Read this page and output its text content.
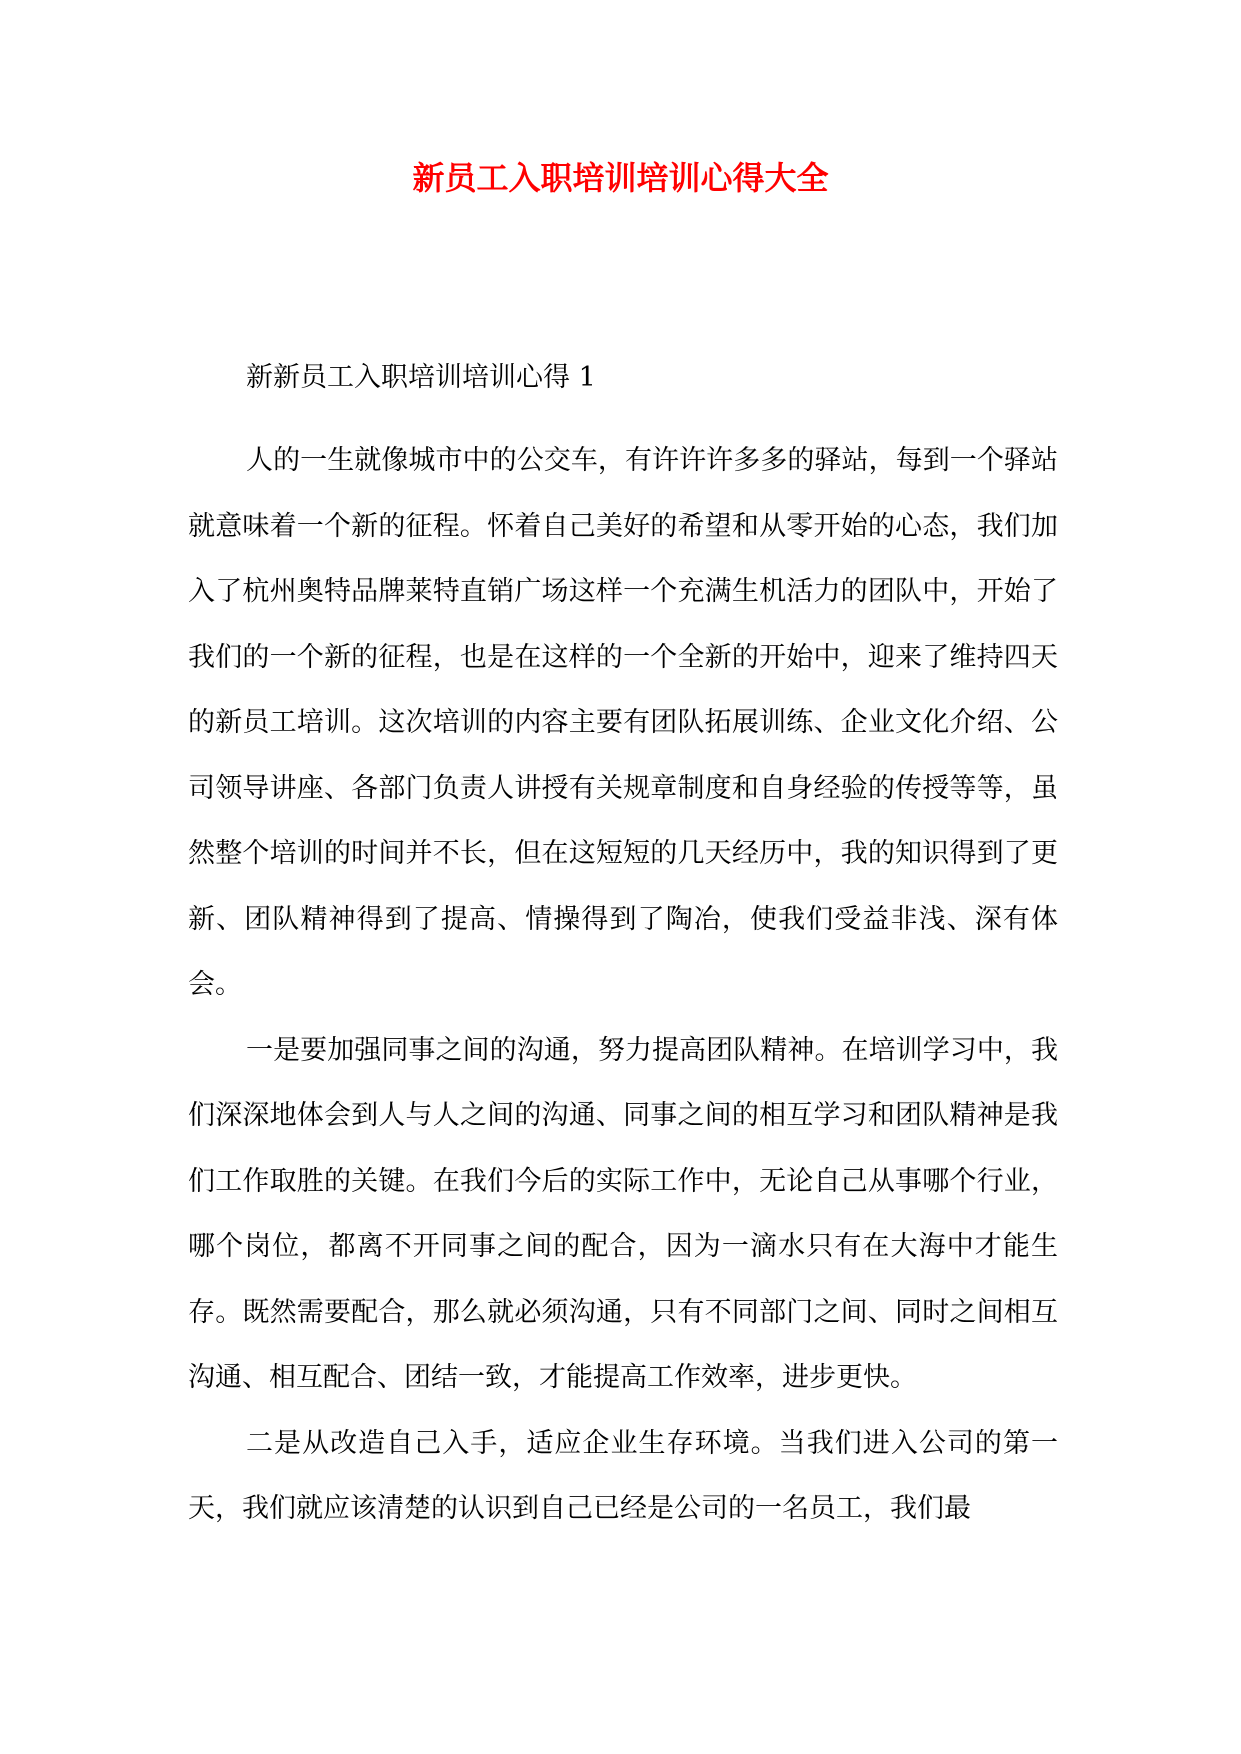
新员工入职培训培训心得大全

新新员工入职培训培训心得 1

人的一生就像城市中的公交车，有许许许多多的驿站，每到一个驿站就意味着一个新的征程。怀着自己美好的希望和从零开始的心态，我们加入了杭州奥特品牌莱特直销广场这样一个充满生机活力的团队中，开始了我们的一个新的征程，也是在这样的一个全新的开始中，迎来了维持四天的新员工培训。这次培训的内容主要有团队拓展训练、企业文化介绍、公司领导讲座、各部门负责人讲授有关规章制度和自身经验的传授等等，虽然整个培训的时间并不长，但在这短短的几天经历中，我的知识得到了更新、团队精神得到了提高、情操得到了陶冶，使我们受益非浅、深有体会。

一是要加强同事之间的沟通，努力提高团队精神。在培训学习中，我们深深地体会到人与人之间的沟通、同事之间的相互学习和团队精神是我们工作取胜的关键。在我们今后的实际工作中，无论自己从事哪个行业，哪个岗位，都离不开同事之间的配合，因为一滴水只有在大海中才能生存。既然需要配合，那么就必须沟通，只有不同部门之间、同时之间相互沟通、相互配合、团结一致，才能提高工作效率，进步更快。

二是从改造自己入手，适应企业生存环境。当我们进入公司的第一天，我们就应该清楚的认识到自己已经是公司的一名员工，我们最
